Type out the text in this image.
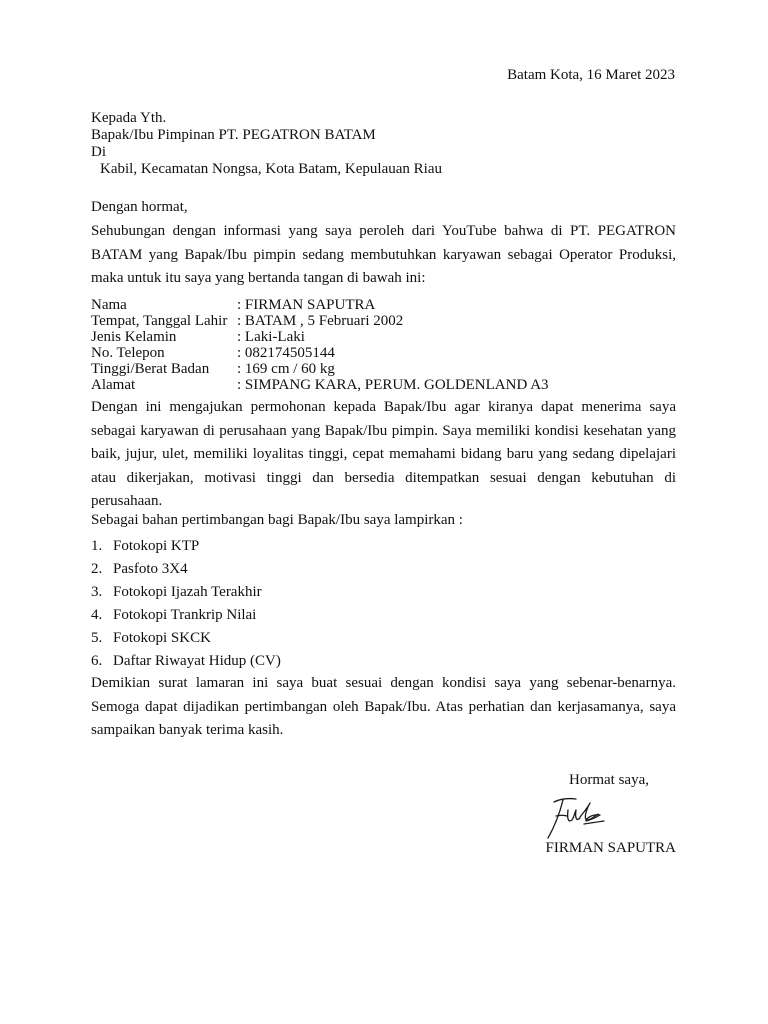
Batam Kota, 16 Maret 2023
Kepada Yth.
Bapak/Ibu Pimpinan PT. PEGATRON BATAM
Di
Kabil, Kecamatan Nongsa, Kota Batam, Kepulauan Riau
Dengan hormat,
Sehubungan dengan informasi yang saya peroleh dari YouTube bahwa di PT. PEGATRON BATAM yang Bapak/Ibu pimpin sedang membutuhkan karyawan sebagai Operator Produksi, maka untuk itu saya yang bertanda tangan di bawah ini:
Nama	: FIRMAN SAPUTRA
Tempat, Tanggal Lahir : BATAM , 5 Februari 2002
Jenis Kelamin	: Laki-Laki
No. Telepon	: 082174505144
Tinggi/Berat Badan	: 169 cm / 60 kg
Alamat	: SIMPANG KARA, PERUM. GOLDENLAND A3
Dengan ini mengajukan permohonan kepada Bapak/Ibu agar kiranya dapat menerima saya sebagai karyawan di perusahaan yang Bapak/Ibu pimpin. Saya memiliki kondisi kesehatan yang baik, jujur, ulet, memiliki loyalitas tinggi, cepat memahami bidang baru yang sedang dipelajari atau dikerjakan, motivasi tinggi dan bersedia ditempatkan sesuai dengan kebutuhan di perusahaan.
Sebagai bahan pertimbangan bagi Bapak/Ibu saya lampirkan :
1. Fotokopi KTP
2. Pasfoto 3X4
3. Fotokopi Ijazah Terakhir
4. Fotokopi Trankrip Nilai
5. Fotokopi SKCK
6. Daftar Riwayat Hidup (CV)
Demikian surat lamaran ini saya buat sesuai dengan kondisi saya yang sebenar-benarnya. Semoga dapat dijadikan pertimbangan oleh Bapak/Ibu. Atas perhatian dan kerjasamanya, saya sampaikan banyak terima kasih.
Hormat saya,
FIRMAN SAPUTRA
